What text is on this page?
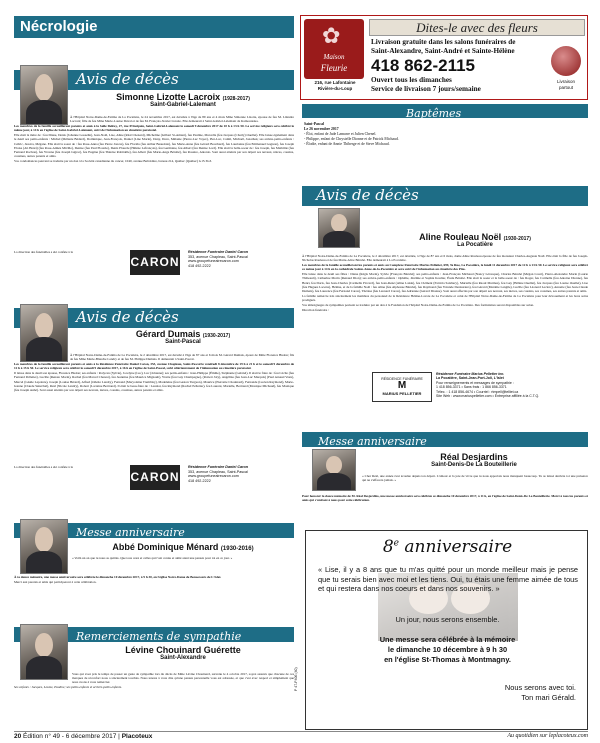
Nécrologie	✿
Maison
Fleurie
216, rue Lafontaine
Rivière-du-Loup
Dites-le avec des fleurs
Livraison gratuite dans les salons funéraires de
Saint-Alexandre, Saint-André et Sainte-Hélène
418 862-2115
Ouvert tous les dimanches
Service de livraison 7 jours/semaine
Livraison
partout
Avis de décès
Simonne Lizotte Lacroix (1928-2017)
Saint-Gabriel-Lalemant

À l'Hôpital Notre-Dame-de-Fatima de La Pocatière, le 24 novembre 2017, est décédée à l'âge de 89 ans et 4 mois Mme Simonne Lizotte, épouse de feu M. Lilandre Lacroix; fille de feu Mme Marie-Louise Duval et de feu M. François-Xavier Lizotte. Elle demeurait à Saint-Gabriel-Lalemant de Kamouraska.

Les membres de la famille accueilleront parents et amis à la Salle DeRoy, 27, rue Principale, Saint-Gabriel-Lalemant le samedi 9 décembre 2017 de 10 h à 13 h 50. Le service religieux sera célébré le même jour, à 14 h en l'église de Saint-Gabriel-Lalemant, suivi de l'inhumation au cimetière paroissial.

Elle était la mère de : feu Diane, Denis (Johanne Gosselin), Jean-Noël, Lise, Aline (Réal Chenard), Micheline (Gilbert St-Amant), feu Pauline, Marcelle (feu Jacques (Charly) Ouellet). Elle laisse également dans le deuil ses petits-enfants : Michel (Mélanie Bédard), Dominique, Jean-François, Daniel (Line Morin), Dany, Dave, Mélanie (Pierre-Luc Voyer), Pier-Luc, Camil, Michaël, Jonathan; ses arrière-petits-enfants : Cédric, Jessica, Mégane. Elle était la soeur de : feu Rose-Anna (feu Pierre Joncas), feu Florida (feu Arthur Beaudoin), feu Marie-Anne (feu Gérard Bouchard), feu Laurianne (feu Emmanuel Gagnon), feu Joseph Eloise (Ab Henri) (feu Rose-Aimée Miville), Denise (feu Paul Plourde), Denis Plourde (Hélène Lafrançois), feu Germaine, feu Albert (feu Denise Lord). Elle était la belle-soeur de : feu Joseph, feu Mathilde (feu Fernand Rochon), feu Yvonne (feu Joseph Gigrac), feu Eugène (feu Thérèse Robitaille), feu Albert (feu Marie-Ange Bérubé), feu Rosaire, Antonio. Sont aussi atteints par son départ ses neveux, nièces, cousins, cousines, autres parents et amis.

Vos condoléances peuvent se traduire par un don à la Société canadienne du cancer, 1040, avenue Belvédère, bureau 214, Québec (Québec) G1S 3G3.

La direction des funérailles a été confiée à la
CARON
Résidence Funéraire Daniel Caron
353, avenue Chapleau, Saint-Pascal
www.groupefuneairecaron.com
418 492-2222
Avis de décès
Gérard Dumais (1930-2017)
Saint-Pascal

À l'Hôpital Notre-Dame-de-Fatima de La Pocatière, le 2 décembre 2017, est décédé à l'âge de 87 ans et 6 mois M. Gérard Dumais, époux de Mme Florence Hudon; fils de feu Mme Marie-Blanche Landry et de feu M. Philippe Dumais. Il demeurait à Saint-Pascal.

Les membres de la famille accueilleront parents et amis à la Résidence Funéraire Daniel Caron, 353, avenue Chapleau, Saint-Pascal le vendredi 8 décembre de 19 h à 21 h et le samedi 9 décembre de 12 h à 15 h 50. Le service religieux sera célébré le samedi 9 décembre 2017, à 16 h en l'église de Saint-Pascal, suivi ultérieurement de l'inhumation au cimetière paroissial.

Il laisse dans le deuil son épouse, Florence Hudon; ses enfants : Rolycan (Sylvie), Jocelyne (Luc), Luc (Johanne); ses petits-enfants : Jean-Philippe (Émilie), Stéphanie (Gabriel). Il était le frère de : feu Cécile (feu Fernand Pelletier), Lucille (Renato Morin), Rachel (feu Marcel Charest), feu Jeannine (feu Maurice Mignault), Yvette (feu Guy Champagne), (Robert Joly), Angélina (feu Jean-Luc Marquis) (Paul Arnaud Vaux), Marcel (Gisèle Lapointe), Joseph (Louise Bérard), Alfred (Odette Landry), Fernand (Maryolaine Tremblay), Madeleine (feu Gaston Turgeon), Maurice (Pierrette Chouinard), Fernande (Lucien Raymond), Marie-Jeanne (Claude Sénéchal), Réal (Nicole Landry), Robert (Lorraine Bertrand). Il était le beau-frère de : Lauréat, feu Raymond (Rachel Pelletier), feu Laurent, Marielle, Bertrand (Monique Michaud), feu Monique (feu Joseph Aubé). Sont aussi atteints par son départ ses neveux, nièces, cousins, cousines, autres parents et amis.

La direction des funérailles a été confiée à la
CARON
Résidence Funéraire Daniel Caron
353, avenue Chapleau, Saint-Pascal
www.groupefuneairecaron.com
418 492-2222
Messe anniversaire
Abbé Dominique Ménard (1930-2016)

« Voilà un an que tu nous as quittés. Que tous ceux et celles qui t'ont connu et aimé aient une pensée pour toi en ce jour. »

À ta douce mémoire, une messe anniversaire sera célébrée le dimanche 10 décembre 2017, à 9 h 30, en l'église Notre-Dame de Bonsecours de L'Islet.

Merci aux parents et amis qui participeront à cette célébration.

Remerciements de sympathie
Lévine Chouinard Guérette
Saint-Alexandre

Vous qui avez pris le temps de passer un geste de sympathie lors du décès de Mme Lévine Chouinard, survenu le 4 octobre 2017, soyez assurés que chacune de ces marques de réconfort nous a sincèrement touchés. Nous tenons à vous dire qu'une pensée personnelle vous est adressée, et que c'est avec respect et simplement que nous avons à vous remercier.

Ses enfants : Jacques, Louise, Pauline; ses petits-enfants et arrière-petits-enfants.

Baptêmes
Saint-Pascal
Le 26 novembre 2017
- Éloi, enfant de Jade Lamarre et Julien Chenel.
- Philippe, enfant de Chrystelle Dionne et de Patrick Michaud.
- Élodie, enfant de Annie Thiberge et de Steve Michaud.
Avis de décès
Aline Rouleau Noël (1930-2017)
La Pocatière

À l'Hôpital Notre-Dame-de-Fatima de La Pocatière, le 2 décembre 2017, est décédée, à l'âge de 87 ans et 6 mois, dame Aline Rouleau épouse de feu monsieur Charles-Auguste Noël. Elle était la fille de feu Joseph-Nicholas Rouleau et de feu Marie-Alice Bérubé. Elle demeurait à La Pocatière.

Les membres de la famille accueilleront les parents et amis au Complexe Funéraire Marius Pelletier, 699, 9e Rue, La Pocatière, le lundi 11 décembre 2017 de 12 h à 13 h 50. Le service religieux sera célébré ce même jour à 14 h en la cathédrale Sainte-Anne-de-la-Pocatière et sera suivi de l'inhumation au cimetière des Pins.

Elle laisse dans le deuil ses filles : Diane (Régis Morin), Sylvie (François Bérubé); ses petits-enfants : Jean-François Michaud (Nancy Lévesque), Charles Bérubé (Mégan Court), Pierre-Alexandre Morin (Laurie Thibeault), Catherine Morin (Renaud Dion); ses arrière-petits-enfants : Ophélie, Jérémie et Sophia Koulier, Ésaïe Bérubé. Elle était la soeur et la belle-soeur de : feu Roger, feu Carmelle (feu Antoine Dionne), feu Henri, feu Doris, feu Jean-Charles (Carmella Piccard), feu Jean-René (Aline Laisle), feu Clément (Patricia Saisbury), Murielle (feu Raoul Marmas), feu Guy (Hélène Ouellet), feu Jacques (feu Louise Ouellet), Lise (feu Hugues Lacerte), Hélène, et de la famille Noël : feu Aline (feu Alphonse Bérubé), feu Raymond (feu Yolande Deslauriers), feu Gérard (Maxime Langile), Lucille (feu Léonard Leclerc), Annette (feu Jean-Claude Dumais), feu Laurence (feu Fernand Caron), Thérèse (feu Léonard Caron), feu Adrienne (Gérard Dionne). Sont aussi affectés par son départ ses neveux, ses nièces, ses cousins, ses cousines, ses autres parents et amis.

La famille remercie très sincèrement les membres du personnel de la Résidence Hélène-Lavoie de La Pocatière et celui de l'Hôpital Notre-Dame-de-Fatima de La Pocatière pour leur dévouement et les bons soins prodigués.

Vos témoignages de sympathies peuvent se traduire par un don à la Fondation de l'hôpital Notre-Dame-de-Fatima de La Pocatière. Des formulaires seront disponibles sur salon.

Direction funéraire :

RÉSIDENCE FUNÉRAIRE
M
MARIUS PELLETIER
Résidence Funéraire Marius Pelletier inc.
La Pocatière, Saint-Jean-Port-Joli, L'Islet
Pour renseignements et messages de sympathie :
1 418 856-3371 • Sans frais : 1 866 856-3371
Télec. : 1 418 856-4674 • Courriel : rtmpell@telliet.ca
Site Web : www.mariuspelletier.com • Entreprise affiliée à la C.T.Q.
Messe anniversaire
Réal Desjardins
Saint-Denis-De La Bouteillerie

« Cher Réal, une année s'est écoulée depuis ton départ. L'amour et la joie de vivre que tu nous apportais nous manquent beaucoup. Tu as laissé derrière toi une présence qui ne s'effacera jamais. »

Pour honorer la douce mémoire de M. Réal Desjardins, une messe anniversaire sera célébrée ce dimanche 10 décembre 2017, à 11 h, en l'église de Saint-Denis-De La Bouteillerie. Merci à tous les parents et amis qui s'uniront à nous pour cette célébration.

8e anniversaire
« Lise, il y a 8 ans que tu m'as quitté pour un monde meilleur mais je pense que tu serais bien avec moi et les tiens. Oui, tu étais une femme aimée de tous et qui restera dans nos coeurs et dans nos souvenirs. »
Un jour, nous serons ensemble.
Une messe sera célébrée à la mémoire
le dimanche 10 décembre à 9 h 30
en l'église St-Thomas à Montmagny.
Nous serons avec toi.
Ton mari Gérald.
P 47-P406 (40)
20 Édition n° 49 - 6 décembre 2017 | Placoteux	Au quotidien sur leplacoteux.com
